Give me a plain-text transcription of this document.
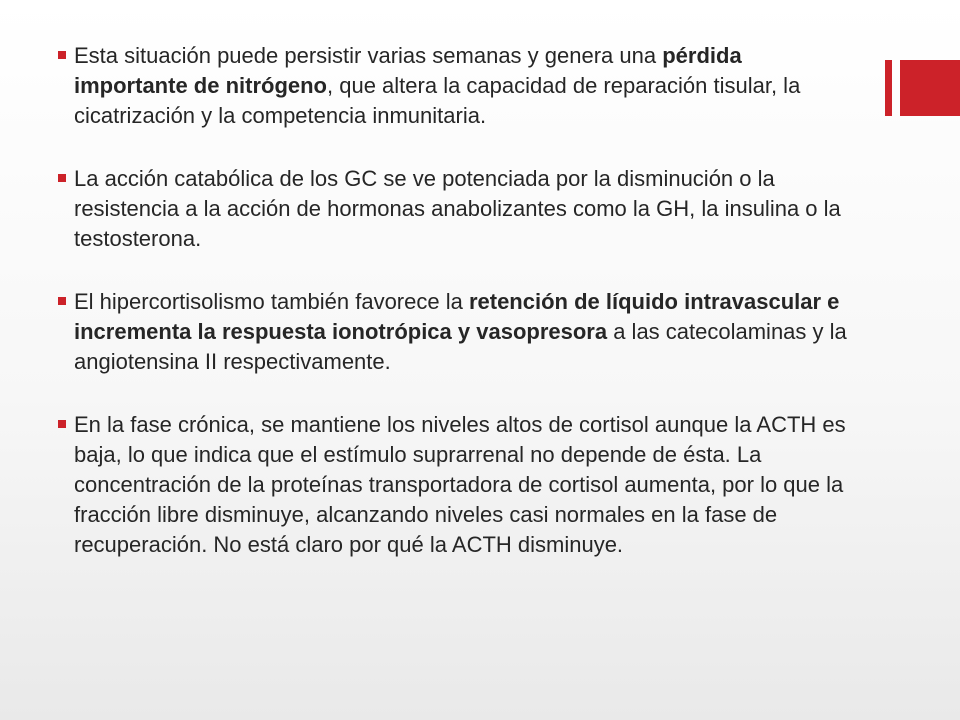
Esta situación puede persistir varias semanas y genera una pérdida importante de nitrógeno, que altera la capacidad de reparación tisular, la cicatrización y la competencia inmunitaria.
La acción catabólica de los GC se ve potenciada por la disminución o la resistencia a la acción de hormonas anabolizantes como la GH, la insulina o la testosterona.
El hipercortisolismo también favorece la retención de líquido intravascular e incrementa la respuesta ionotrópica y vasopresora a las catecolaminas y la angiotensina II respectivamente.
En la fase crónica, se mantiene los niveles altos de cortisol aunque la ACTH es baja, lo que indica que el estímulo suprarrenal no depende de ésta. La concentración de la proteínas transportadora de cortisol aumenta, por lo que la fracción libre disminuye, alcanzando niveles casi normales en la fase de recuperación. No está claro por qué la ACTH disminuye.
